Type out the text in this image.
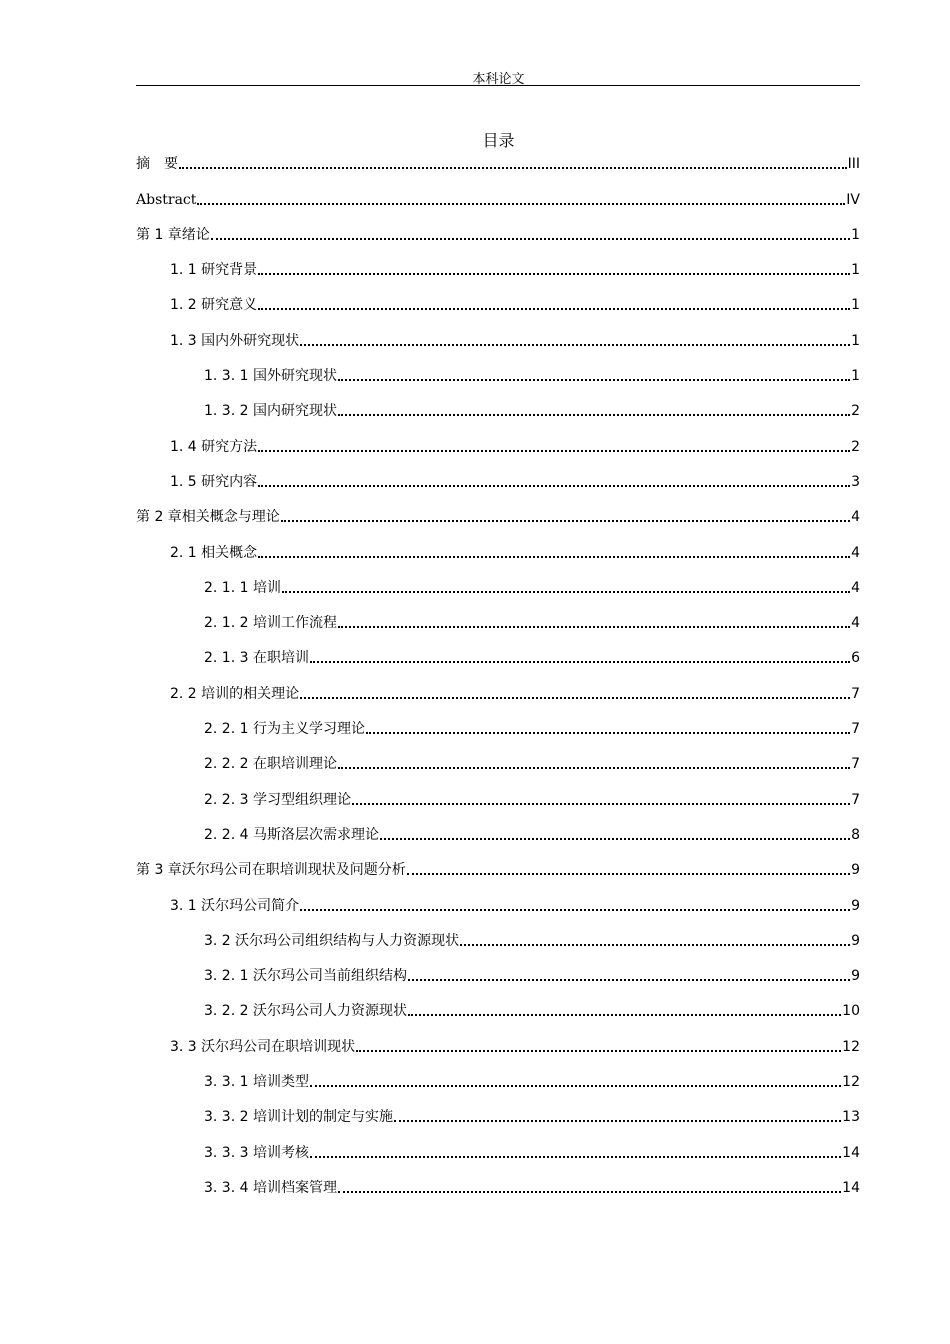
本科论文
目录
摘　要	III
Abstract	IV
第 1 章绪论	1
1. 1 研究背景	1
1. 2 研究意义	1
1. 3 国内外研究现状	1
1. 3. 1 国外研究现状	1
1. 3. 2 国内研究现状	2
1. 4 研究方法	2
1. 5 研究内容	3
第 2 章相关概念与理论	4
2. 1 相关概念	4
2. 1. 1 培训	4
2. 1. 2 培训工作流程	4
2. 1. 3 在职培训	6
2. 2 培训的相关理论	7
2. 2. 1 行为主义学习理论	7
2. 2. 2 在职培训理论	7
2. 2. 3 学习型组织理论	7
2. 2. 4 马斯洛层次需求理论	8
第 3 章沃尔玛公司在职培训现状及问题分析	9
3. 1 沃尔玛公司简介	9
3. 2 沃尔玛公司组织结构与人力资源现状	9
3. 2. 1 沃尔玛公司当前组织结构	9
3. 2. 2 沃尔玛公司人力资源现状	10
3. 3 沃尔玛公司在职培训现状	12
3. 3. 1 培训类型	12
3. 3. 2 培训计划的制定与实施	13
3. 3. 3 培训考核	14
3. 3. 4 培训档案管理	14
